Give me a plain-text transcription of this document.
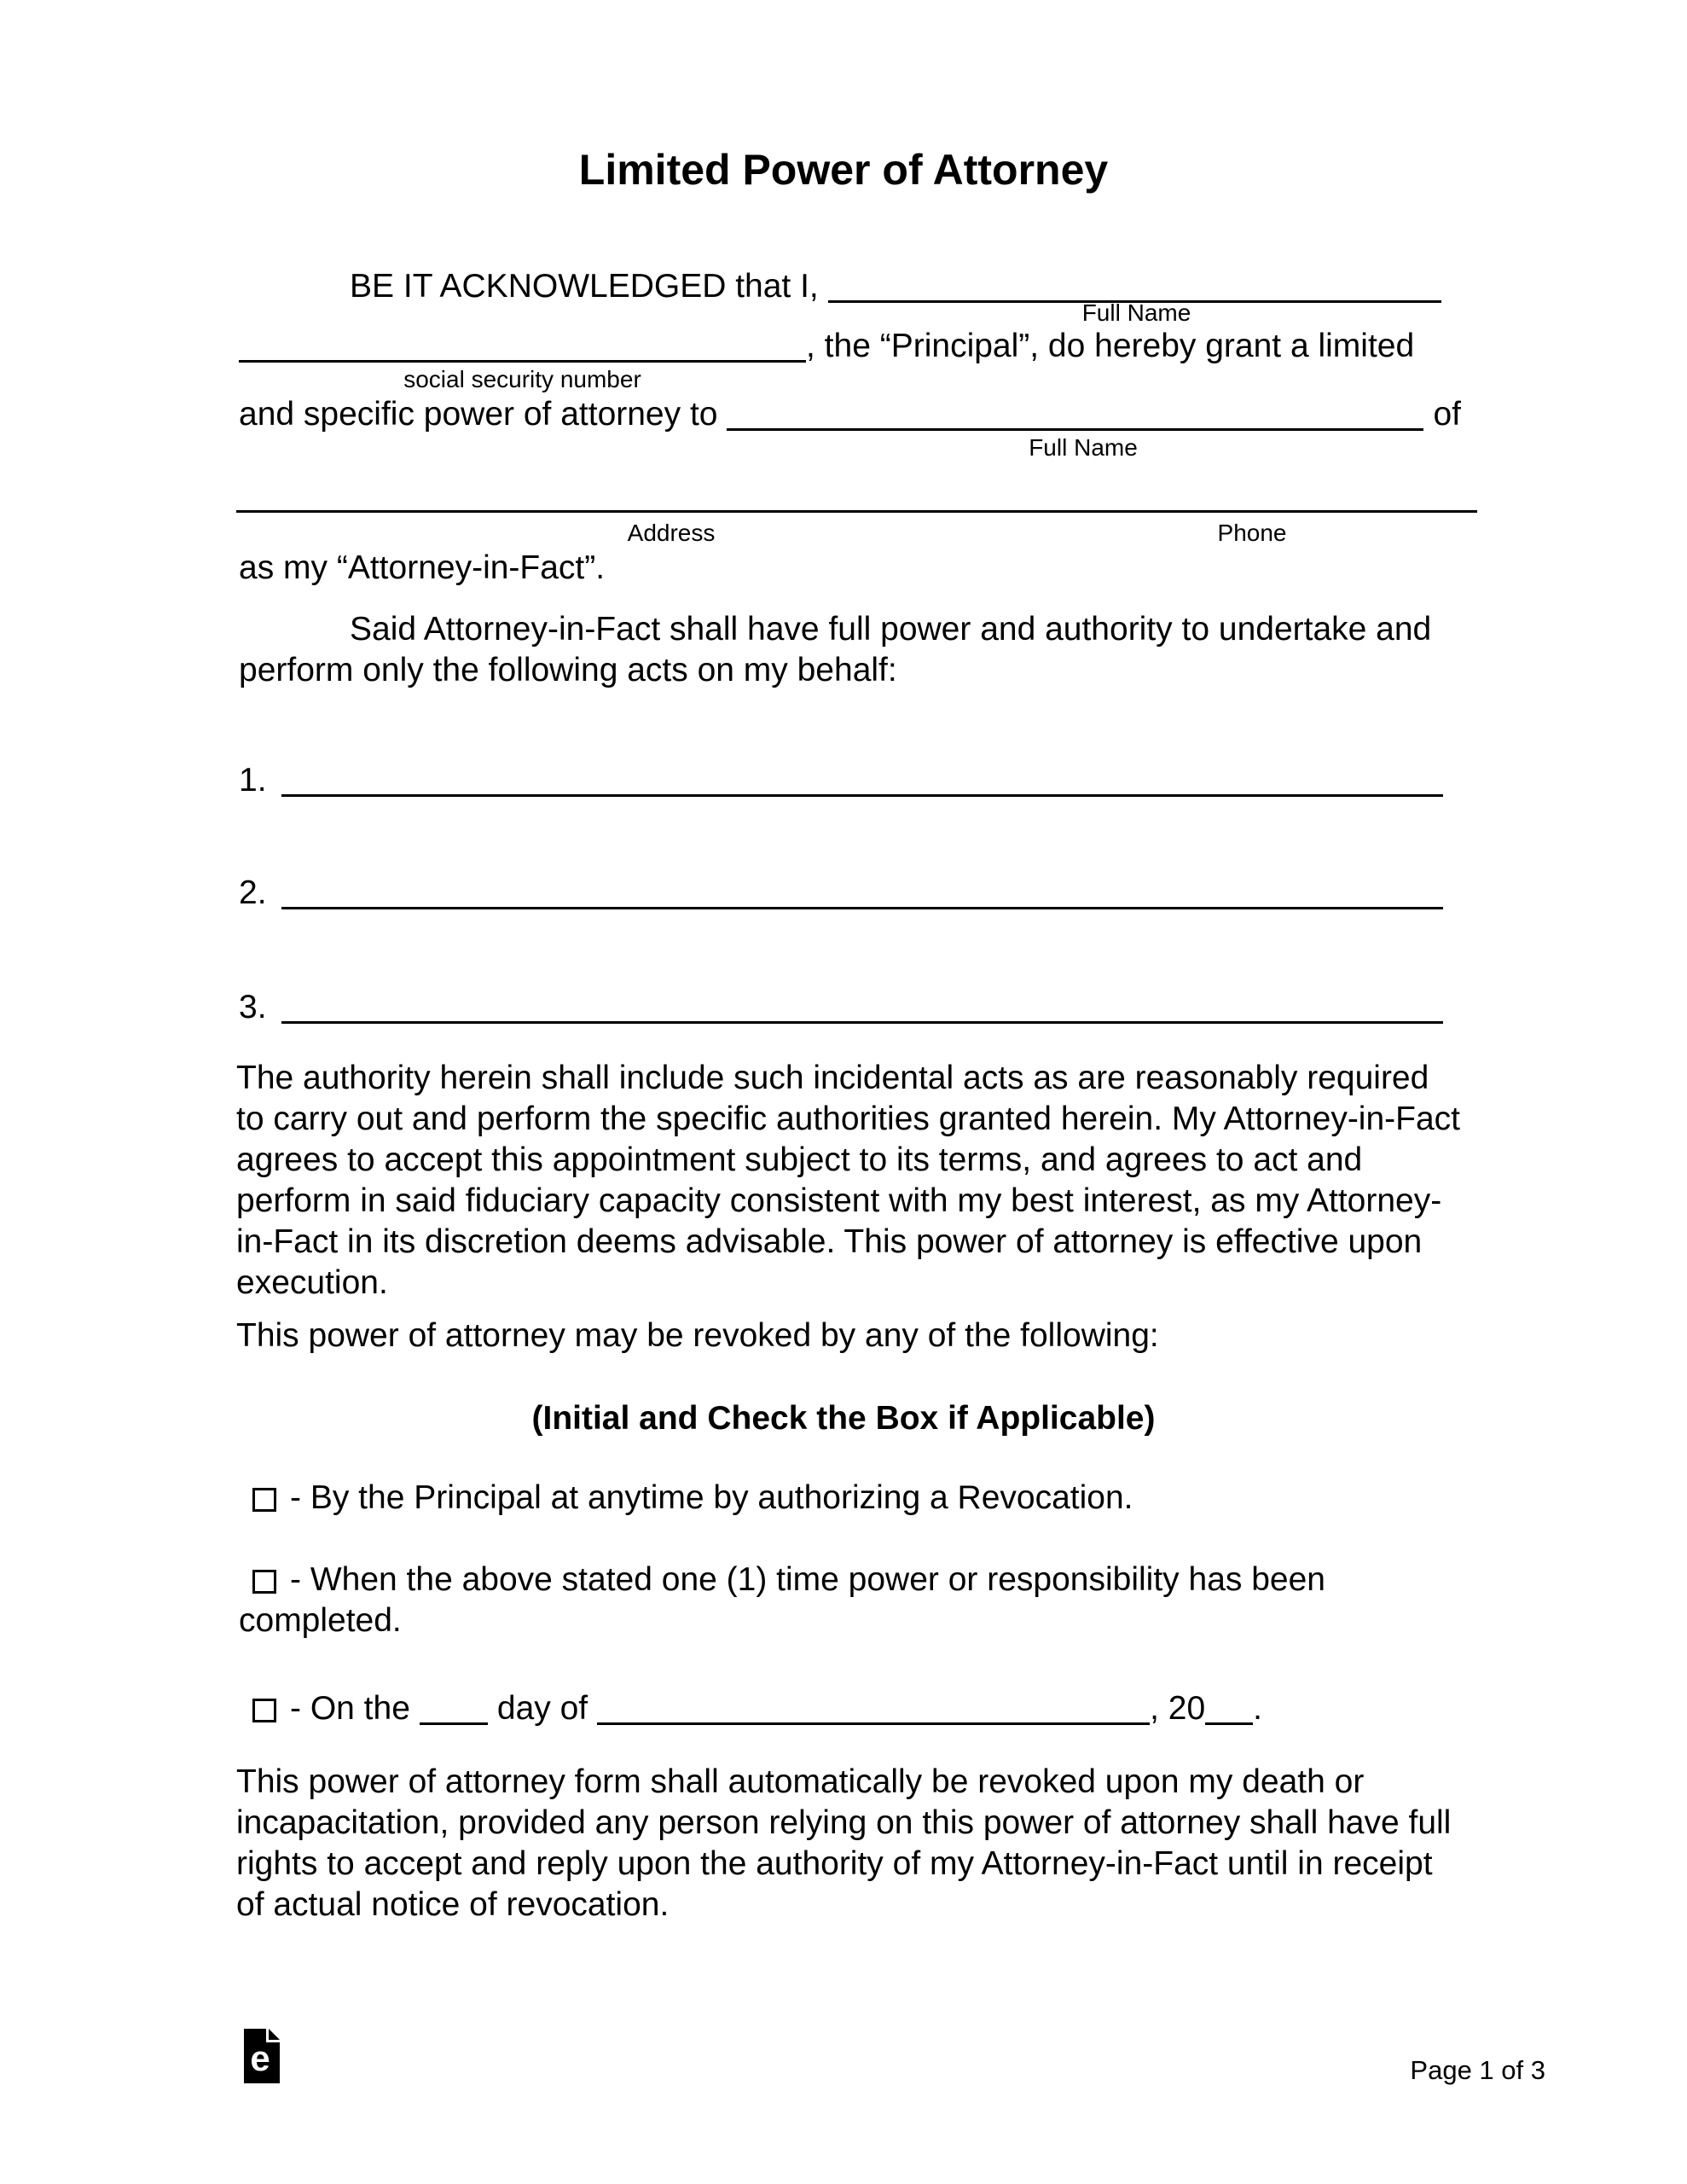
Limited Power of Attorney
BE IT ACKNOWLEDGED that I,
Full Name
, the “Principal”, do hereby grant a limited
social security number
and specific power of attorney to	of
Full Name
Address	Phone
as my “Attorney-in-Fact”.
Said Attorney-in-Fact shall have full power and authority to undertake and
perform only the following acts on my behalf:
1.
2.
3.
The authority herein shall include such incidental acts as are reasonably required
to carry out and perform the specific authorities granted herein. My Attorney-in-Fact
agrees to accept this appointment subject to its terms, and agrees to act and
perform in said fiduciary capacity consistent with my best interest, as my Attorney-
in-Fact in its discretion deems advisable. This power of attorney is effective upon
execution.
This power of attorney may be revoked by any of the following:
(Initial and Check the Box if Applicable)
- By the Principal at anytime by authorizing a Revocation.
- When the above stated one (1) time power or responsibility has been
completed.
- On the	day of	, 20 .
This power of attorney form shall automatically be revoked upon my death or
incapacitation, provided any person relying on this power of attorney shall have full
rights to accept and reply upon the authority of my Attorney-in-Fact until in receipt
of actual notice of revocation.
e	Page 1 of 3
